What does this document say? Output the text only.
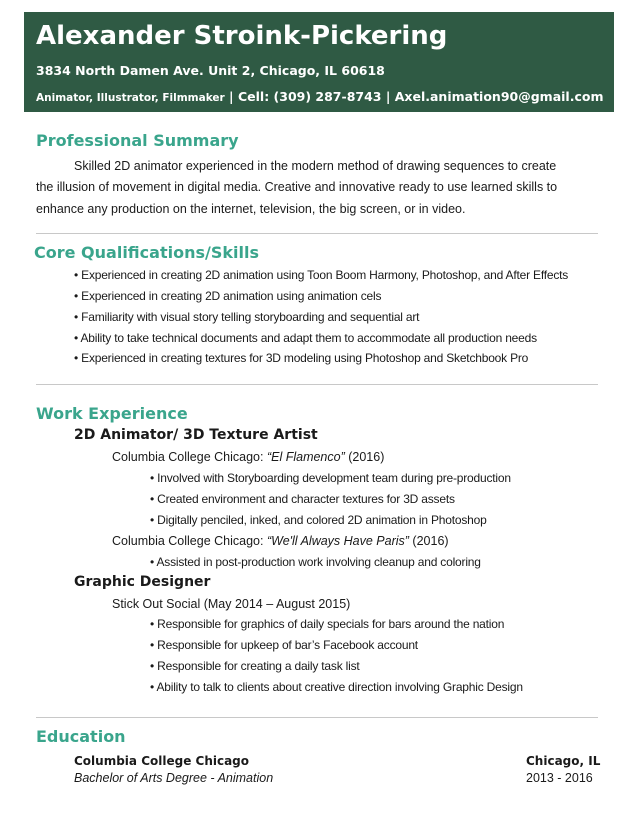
Alexander Stroink-Pickering
3834 North Damen Ave. Unit 2, Chicago, IL 60618
Animator, Illustrator, Filmmaker | Cell: (309) 287-8743 | Axel.animation90@gmail.com
Professional Summary
Skilled 2D animator experienced in the modern method of drawing sequences to create
the illusion of movement in digital media. Creative and innovative ready to use learned skills to
enhance any production on the internet, television, the big screen, or in video.
Core Qualifications/Skills
• Experienced in creating 2D animation using Toon Boom Harmony, Photoshop, and After Effects
• Experienced in creating 2D animation using animation cels
• Familiarity with visual story telling storyboarding and sequential art
• Ability to take technical documents and adapt them to accommodate all production needs
• Experienced in creating textures for 3D modeling using Photoshop and Sketchbook Pro
Work Experience
2D Animator/ 3D Texture Artist
Columbia College Chicago: “El Flamenco” (2016)
• Involved with Storyboarding development team during pre-production
• Created environment and character textures for 3D assets
• Digitally penciled, inked, and colored 2D animation in Photoshop
Columbia College Chicago: “We'll Always Have Paris” (2016)
• Assisted in post-production work involving cleanup and coloring
Graphic Designer
Stick Out Social (May 2014 – August 2015)
• Responsible for graphics of daily specials for bars around the nation
• Responsible for upkeep of bar’s Facebook account
• Responsible for creating a daily task list
• Ability to talk to clients about creative direction involving Graphic Design
Education
Columbia College Chicago
Bachelor of Arts Degree - Animation
Chicago, IL
2013 - 2016
